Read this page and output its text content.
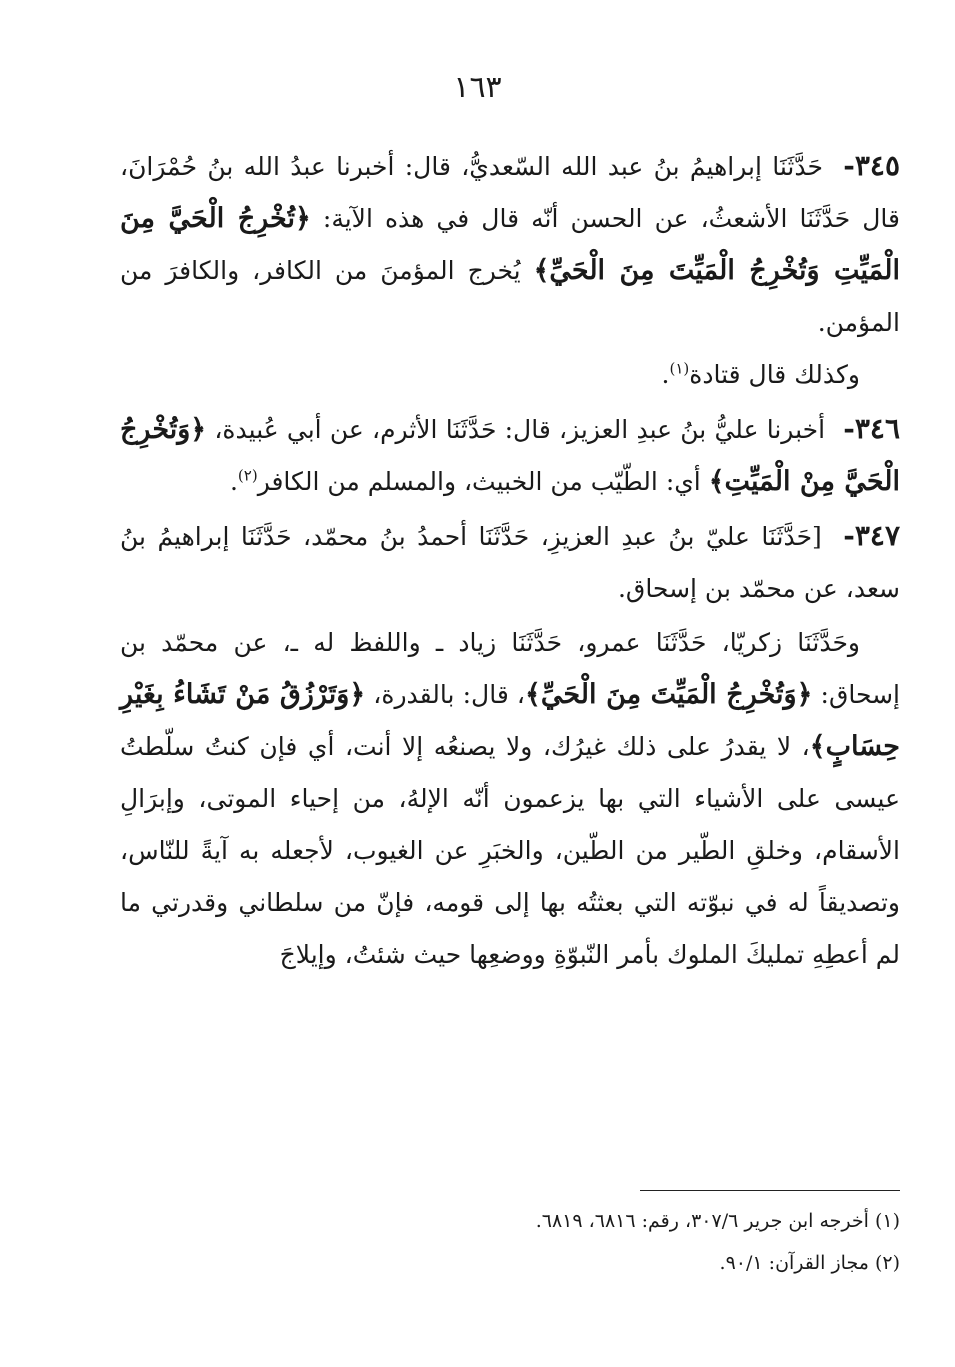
١٦٣

٣٤٥- حَدَّثَنَا إبراهيمُ بنُ عبد الله السّعديُّ، قال: أخبرنا عبدُ الله بنُ حُمْرَانَ، قال حَدَّثَنَا الأشعثُ، عن الحسن أنّه قال في هذه الآية: ﴿تُخْرِجُ الْحَيَّ مِنَ الْمَيِّتِ وَتُخْرِجُ الْمَيِّتَ مِنَ الْحَيِّ﴾ يُخرج المؤمنَ من الكافر، والكافرَ من المؤمن.

وكذلك قال قتادة$^{(١)}$.

٣٤٦- أخبرنا عليُّ بنُ عبدِ العزيز، قال: حَدَّثَنَا الأثرم، عن أبي عُبيدة، ﴿وَتُخْرِجُ الْحَيَّ مِنْ الْمَيِّتِ﴾ أي: الطّيّب من الخبيث، والمسلم من الكافر$^{(٢)}$.

٣٤٧- [حَدَّثَنَا عليّ بنُ عبدِ العزيزِ، حَدَّثَنَا أحمدُ بنُ محمّد، حَدَّثَنَا إبراهيمُ بنُ سعد، عن محمّد بن إسحاق.

وحَدَّثَنَا زكريّا، حَدَّثَنَا عمرو، حَدَّثَنَا زياد ـ واللفظ له ـ، عن محمّد بن إسحاق: ﴿وَتُخْرِجُ الْمَيِّتَ مِنَ الْحَيِّ﴾، قال: بالقدرة، ﴿وَتَرْزُقُ مَنْ تَشَاءُ بِغَيْرِ حِسَابٍ﴾، لا يقدرُ على ذلك غيرُك، ولا يصنعُه إلا أنت، أي فإن كنتُ سلّطتُ عيسى على الأشياء التي بها يزعمون أنّه الإلهُ، من إحياء الموتى، وإبرَالِ الأسقام، وخلقِ الطّير من الطّين، والخبَرِ عن الغيوب، لأجعله به آيةً للنّاس، وتصديقاً له في نبوّته التي بعثتُه بها إلى قومه، فإنّ من سلطاني وقدرتي ما لم أعطِهِ تمليكَ الملوك بأمر النّبوّةِ ووضعِها حيث شئتُ، وإيلاجَ

(١) أخرجه ابن جرير ٣٠٧/٦، رقم: ٦٨١٦، ٦٨١٩.

(٢) مجاز القرآن: ٩٠/١.
